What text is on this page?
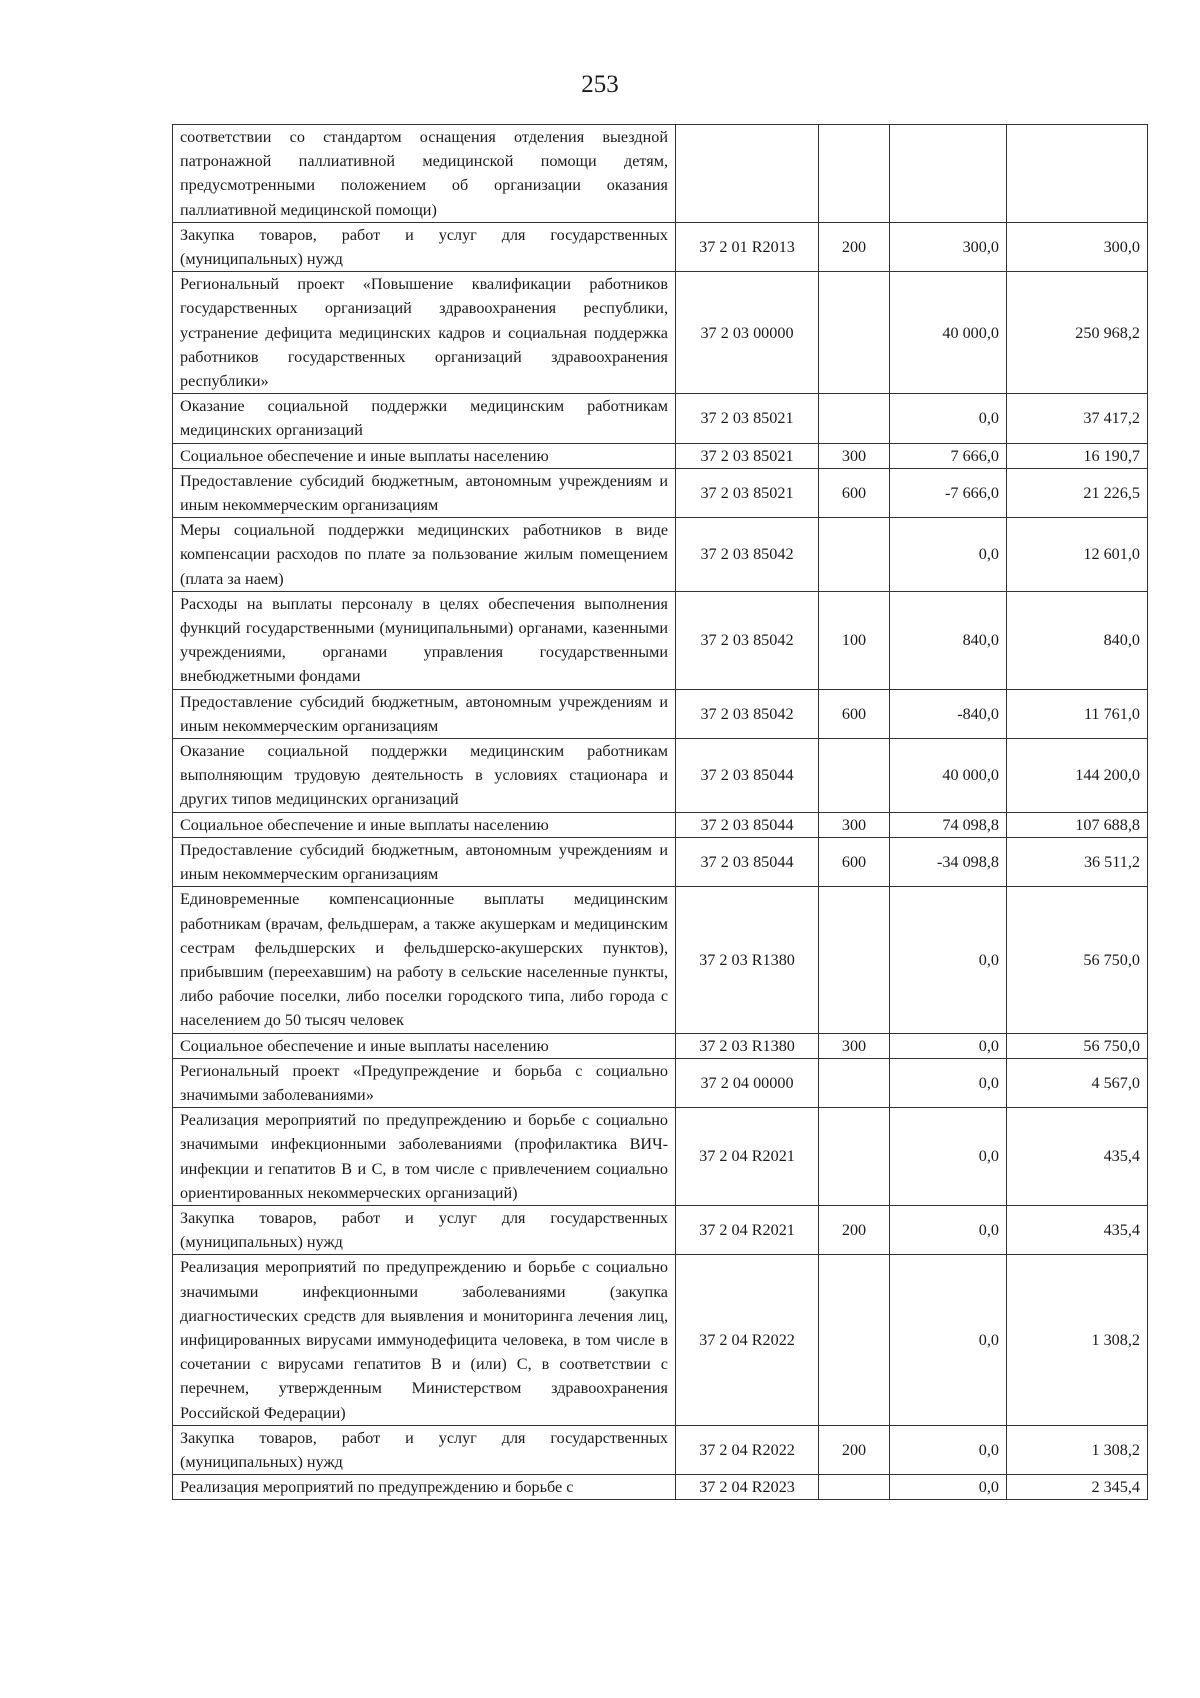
253
соответствии со стандартом оснащения отделения выездной патронажной паллиативной медицинской помощи детям, предусмотренными положением об организации оказания паллиативной медицинской помощи)				
Закупка товаров, работ и услуг для государственных (муниципальных) нужд	37 2 01 R2013	200	300,0	300,0
Региональный проект «Повышение квалификации работников государственных организаций здравоохранения республики, устранение дефицита медицинских кадров и социальная поддержка работников государственных организаций здравоохранения республики»	37 2 03 00000		40 000,0	250 968,2
Оказание социальной поддержки медицинским работникам медицинских организаций	37 2 03 85021		0,0	37 417,2
Социальное обеспечение и иные выплаты населению	37 2 03 85021	300	7 666,0	16 190,7
Предоставление субсидий бюджетным, автономным учреждениям и иным некоммерческим организациям	37 2 03 85021	600	-7 666,0	21 226,5
Меры социальной поддержки медицинских работников в виде компенсации расходов по плате за пользование жилым помещением (плата за наем)	37 2 03 85042		0,0	12 601,0
Расходы на выплаты персоналу в целях обеспечения выполнения функций государственными (муниципальными) органами, казенными учреждениями, органами управления государственными внебюджетными фондами	37 2 03 85042	100	840,0	840,0
Предоставление субсидий бюджетным, автономным учреждениям и иным некоммерческим организациям	37 2 03 85042	600	-840,0	11 761,0
Оказание социальной поддержки медицинским работникам выполняющим трудовую деятельность в условиях стационара и других типов медицинских организаций	37 2 03 85044		40 000,0	144 200,0
Социальное обеспечение и иные выплаты населению	37 2 03 85044	300	74 098,8	107 688,8
Предоставление субсидий бюджетным, автономным учреждениям и иным некоммерческим организациям	37 2 03 85044	600	-34 098,8	36 511,2
Единовременные компенсационные выплаты медицинским работникам (врачам, фельдшерам, а также акушеркам и медицинским сестрам фельдшерских и фельдшерско-акушерских пунктов), прибывшим (переехавшим) на работу в сельские населенные пункты, либо рабочие поселки, либо поселки городского типа, либо города с населением до 50 тысяч человек	37 2 03 R1380		0,0	56 750,0
Социальное обеспечение и иные выплаты населению	37 2 03 R1380	300	0,0	56 750,0
Региональный проект «Предупреждение и борьба с социально значимыми заболеваниями»	37 2 04 00000		0,0	4 567,0
Реализация мероприятий по предупреждению и борьбе с социально значимыми инфекционными заболеваниями (профилактика ВИЧ-инфекции и гепатитов B и C, в том числе с привлечением социально ориентированных некоммерческих организаций)	37 2 04 R2021		0,0	435,4
Закупка товаров, работ и услуг для государственных (муниципальных) нужд	37 2 04 R2021	200	0,0	435,4
Реализация мероприятий по предупреждению и борьбе с социально значимыми инфекционными заболеваниями (закупка диагностических средств для выявления и мониторинга лечения лиц, инфицированных вирусами иммунодефицита человека, в том числе в сочетании с вирусами гепатитов B и (или) C, в соответствии с перечнем, утвержденным Министерством здравоохранения Российской Федерации)	37 2 04 R2022		0,0	1 308,2
Закупка товаров, работ и услуг для государственных (муниципальных) нужд	37 2 04 R2022	200	0,0	1 308,2
Реализация мероприятий по предупреждению и борьбе с	37 2 04 R2023		0,0	2 345,4
